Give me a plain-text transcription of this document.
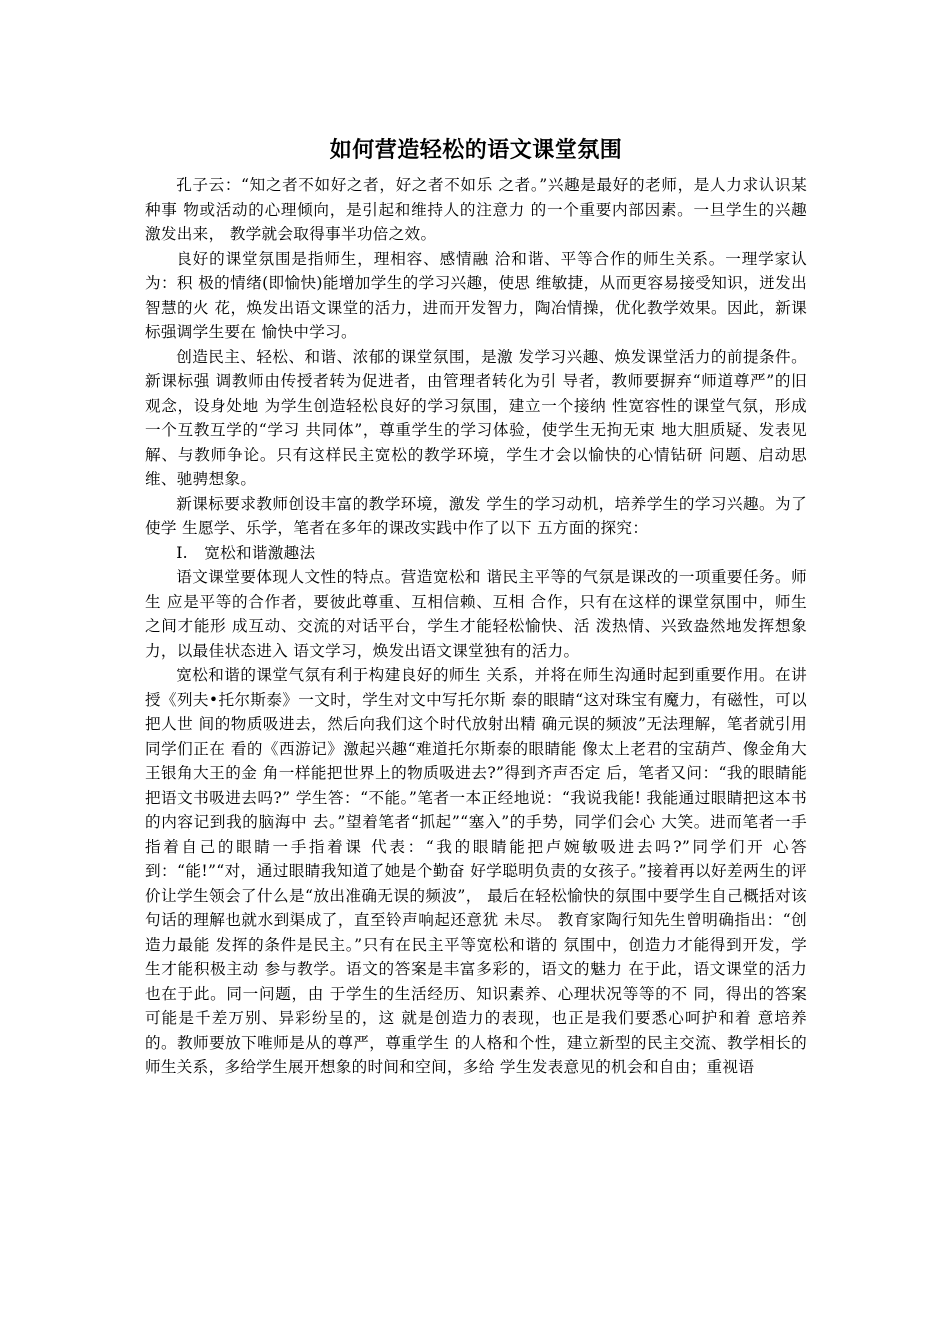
如何营造轻松的语文课堂氛围

孔子云：“知之者不如好之者，好之者不如乐 之者。”兴趣是最好的老师，是人力求认识某种事 物或活动的心理倾向，是引起和维持人的注意力 的一个重要内部因素。一旦学生的兴趣激发出来， 教学就会取得事半功倍之效。

良好的课堂氛围是指师生，理相容、感情融 洽和谐、平等合作的师生关系。一理学家认为：积 极的情绪(即愉快)能增加学生的学习兴趣，使思 维敏捷，从而更容易接受知识，迸发出智慧的火 花，焕发出语文课堂的活力，进而开发智力，陶冶情操，优化教学效果。因此，新课标强调学生要在 愉快中学习。

创造民主、轻松、和谐、浓郁的课堂氛围，是激 发学习兴趣、焕发课堂活力的前提条件。新课标强 调教师由传授者转为促进者，由管理者转化为引 导者，教师要摒弃“师道尊严”的旧观念，设身处地 为学生创造轻松良好的学习氛围，建立一个接纳 性宽容性的课堂气氛，形成一个互教互学的“学习 共同体”，尊重学生的学习体验，使学生无拘无束 地大胆质疑、发表见解、与教师争论。只有这样民主宽松的教学环境，学生才会以愉快的心情钻研 问题、启动思维、驰骋想象。

新课标要求教师创设丰富的教学环境，激发 学生的学习动机，培养学生的学习兴趣。为了使学 生愿学、乐学，笔者在多年的课改实践中作了以下 五方面的探究：

I. 宽松和谐激趣法

语文课堂要体现人文性的特点。营造宽松和 谐民主平等的气氛是课改的一项重要任务。师生 应是平等的合作者，要彼此尊重、互相信赖、互相 合作，只有在这样的课堂氛围中，师生之间才能形 成互动、交流的对话平台，学生才能轻松愉快、活 泼热情、兴致盎然地发挥想象力，以最佳状态进入 语文学习，焕发出语文课堂独有的活力。

宽松和谐的课堂气氛有利于构建良好的师生 关系，并将在师生沟通时起到重要作用。在讲授《列夫•托尔斯泰》一文时，学生对文中写托尔斯 泰的眼睛“这对珠宝有魔力，有磁性，可以把人世 间的物质吸进去，然后向我们这个时代放射出精 确元误的频波”无法理解，笔者就引用同学们正在 看的《西游记》激起兴趣“难道托尔斯泰的眼睛能 像太上老君的宝葫芦、像金角大王银角大王的金 角一样能把世界上的物质吸进去?”得到齐声否定 后，笔者又问：“我的眼睛能把语文书吸进去吗?” 学生答：“不能。”笔者一本正经地说：“我说我能! 我能通过眼睛把这本书的内容记到我的脑海中 去。”望着笔者“抓起”“塞入”的手势，同学们会心 大笑。进而笔者一手指着自己的眼睛一手指着课 代表：“我的眼睛能把卢婉敏吸进去吗?”同学们开 心答到：“能!”“对，通过眼睛我知道了她是个勤奋 好学聪明负责的女孩子。”接着再以好差两生的评 价让学生领会了什么是“放出准确无误的频波”， 最后在轻松愉快的氛围中要学生自己概括对该句话的理解也就水到渠成了，直至铃声响起还意犹 未尽。 教育家陶行知先生曾明确指出：“创造力最能 发挥的条件是民主。”只有在民主平等宽松和谐的 氛围中，创造力才能得到开发，学生才能积极主动 参与教学。语文的答案是丰富多彩的，语文的魅力 在于此，语文课堂的活力也在于此。同一问题，由 于学生的生活经历、知识素养、心理状况等等的不 同，得出的答案可能是千差万别、异彩纷呈的，这 就是创造力的表现，也正是我们要悉心呵护和着 意培养的。教师要放下唯师是从的尊严，尊重学生 的人格和个性，建立新型的民主交流、教学相长的 师生关系，多给学生展开想象的时间和空间，多给 学生发表意见的机会和自由；重视语
